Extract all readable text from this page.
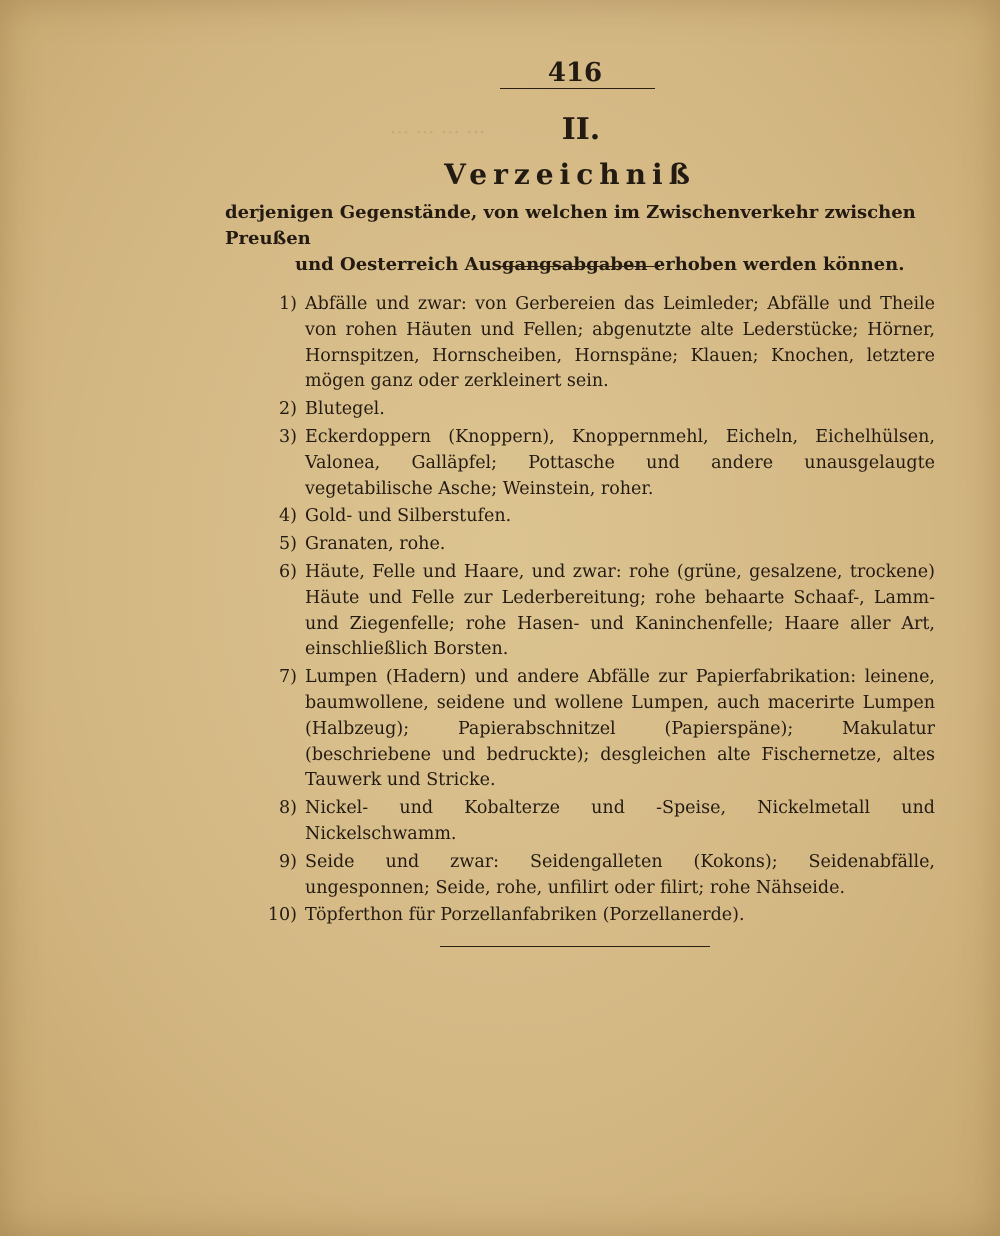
··· ··· ··· ···
416
II.
Verzeichniß
derjenigen Gegenstände, von welchen im Zwischenverkehr zwischen Preußen
und Oesterreich Ausgangsabgaben erhoben werden können.
1) Abfälle und zwar: von Gerbereien das Leimleder; Abfälle und Theile von rohen Häuten und Fellen; abgenutzte alte Lederstücke; Hörner, Hornspitzen, Hornscheiben, Hornspäne; Klauen; Knochen, letztere mögen ganz oder zerkleinert sein.
2) Blutegel.
3) Eckerdoppern (Knoppern), Knoppernmehl, Eicheln, Eichelhülsen, Valonea, Galläpfel; Pottasche und andere unausgelaugte vegetabilische Asche; Weinstein, roher.
4) Gold- und Silberstufen.
5) Granaten, rohe.
6) Häute, Felle und Haare, und zwar: rohe (grüne, gesalzene, trockene) Häute und Felle zur Lederbereitung; rohe behaarte Schaaf-, Lamm- und Ziegenfelle; rohe Hasen- und Kaninchenfelle; Haare aller Art, einschließlich Borsten.
7) Lumpen (Hadern) und andere Abfälle zur Papierfabrikation: leinene, baumwollene, seidene und wollene Lumpen, auch macerirte Lumpen (Halbzeug); Papierabschnitzel (Papierspäne); Makulatur (beschriebene und bedruckte); desgleichen alte Fischernetze, altes Tauwerk und Stricke.
8) Nickel- und Kobalterze und -Speise, Nickelmetall und Nickelschwamm.
9) Seide und zwar: Seidengalleten (Kokons); Seidenabfälle, ungesponnen; Seide, rohe, unfilirt oder filirt; rohe Nähseide.
10) Töpferthon für Porzellanfabriken (Porzellanerde).
